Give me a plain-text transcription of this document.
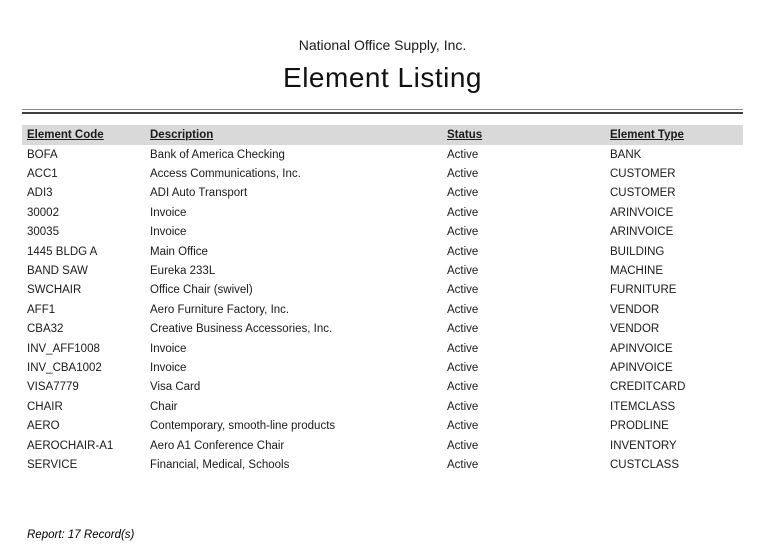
National Office Supply, Inc.
Element Listing
Element Code	Description	Status	Element Type
BOFA	Bank of America Checking	Active	BANK
ACC1	Access Communications, Inc.	Active	CUSTOMER
ADI3	ADI Auto Transport	Active	CUSTOMER
30002	Invoice	Active	ARINVOICE
30035	Invoice	Active	ARINVOICE
1445 BLDG A	Main Office	Active	BUILDING
BAND SAW	Eureka 233L	Active	MACHINE
SWCHAIR	Office Chair (swivel)	Active	FURNITURE
AFF1	Aero Furniture Factory, Inc.	Active	VENDOR
CBA32	Creative Business Accessories, Inc.	Active	VENDOR
INV_AFF1008	Invoice	Active	APINVOICE
INV_CBA1002	Invoice	Active	APINVOICE
VISA7779	Visa Card	Active	CREDITCARD
CHAIR	Chair	Active	ITEMCLASS
AERO	Contemporary, smooth-line products	Active	PRODLINE
AEROCHAIR-A1	Aero A1 Conference Chair	Active	INVENTORY
SERVICE	Financial, Medical, Schools	Active	CUSTCLASS
Report: 17 Record(s)
